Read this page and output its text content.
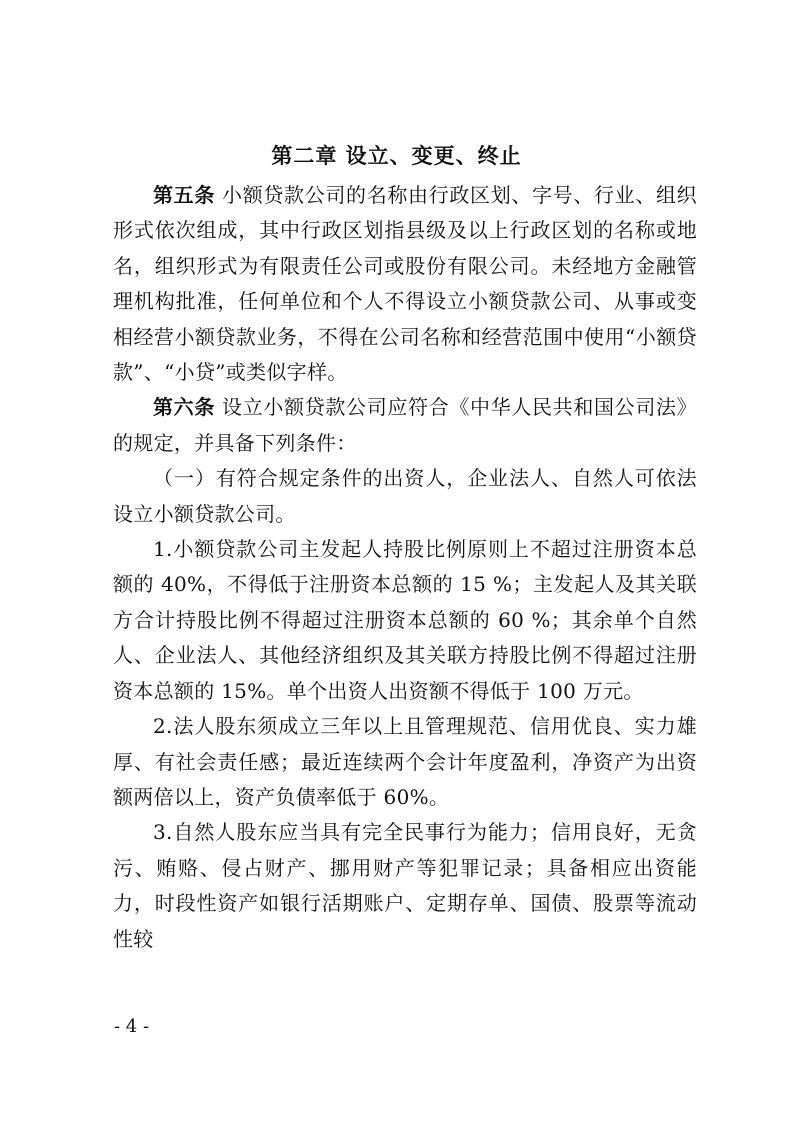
第二章 设立、变更、终止

第五条 小额贷款公司的名称由行政区划、字号、行业、组织形式依次组成，其中行政区划指县级及以上行政区划的名称或地名，组织形式为有限责任公司或股份有限公司。未经地方金融管理机构批准，任何单位和个人不得设立小额贷款公司、从事或变相经营小额贷款业务，不得在公司名称和经营范围中使用“小额贷款”、“小贷”或类似字样。

第六条 设立小额贷款公司应符合《中华人民共和国公司法》的规定，并具备下列条件：

（一）有符合规定条件的出资人，企业法人、自然人可依法设立小额贷款公司。

1.小额贷款公司主发起人持股比例原则上不超过注册资本总额的 40%，不得低于注册资本总额的 15 %；主发起人及其关联方合计持股比例不得超过注册资本总额的 60 %；其余单个自然人、企业法人、其他经济组织及其关联方持股比例不得超过注册资本总额的 15%。单个出资人出资额不得低于 100 万元。

2.法人股东须成立三年以上且管理规范、信用优良、实力雄厚、有社会责任感；最近连续两个会计年度盈利，净资产为出资额两倍以上，资产负债率低于 60%。

3.自然人股东应当具有完全民事行为能力；信用良好，无贪污、贿赂、侵占财产、挪用财产等犯罪记录；具备相应出资能力，时段性资产如银行活期账户、定期存单、国债、股票等流动性较

- 4 -
